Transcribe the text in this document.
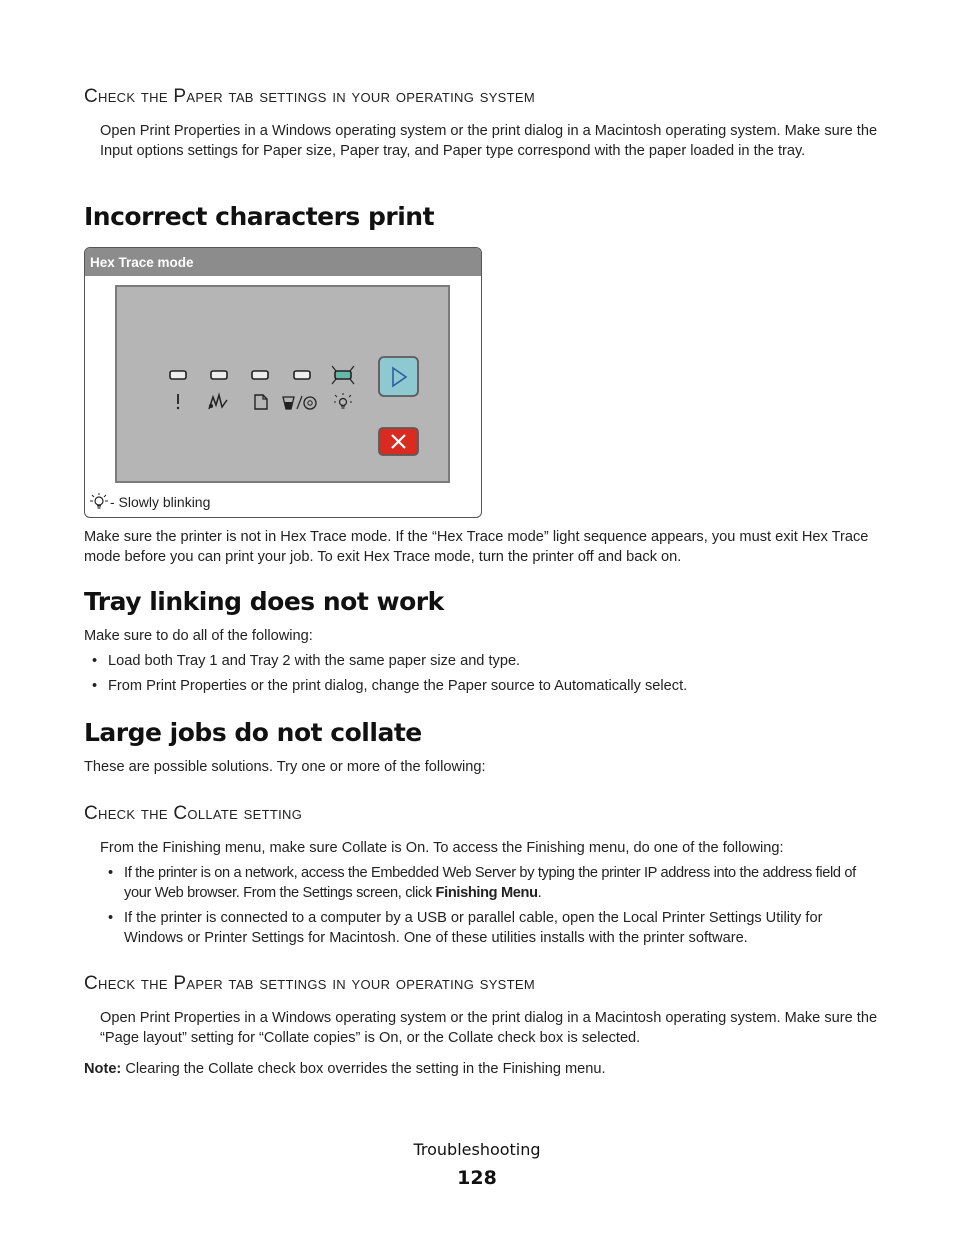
Check the Paper tab settings in your operating system
Open Print Properties in a Windows operating system or the print dialog in a Macintosh operating system. Make sure the Input options settings for Paper size, Paper tray, and Paper type correspond with the paper loaded in the tray.
Incorrect characters print
Hex Trace mode
- Slowly blinking
Make sure the printer is not in Hex Trace mode. If the “Hex Trace mode” light sequence appears, you must exit Hex Trace mode before you can print your job. To exit Hex Trace mode, turn the printer off and back on.
Tray linking does not work
Make sure to do all of the following:
• Load both Tray 1 and Tray 2 with the same paper size and type.
• From Print Properties or the print dialog, change the Paper source to Automatically select.
Large jobs do not collate
These are possible solutions. Try one or more of the following:
Check the Collate setting
From the Finishing menu, make sure Collate is On. To access the Finishing menu, do one of the following:
• If the printer is on a network, access the Embedded Web Server by typing the printer IP address into the address field of your Web browser. From the Settings screen, click Finishing Menu.
• If the printer is connected to a computer by a USB or parallel cable, open the Local Printer Settings Utility for Windows or Printer Settings for Macintosh. One of these utilities installs with the printer software.
Check the Paper tab settings in your operating system
Open Print Properties in a Windows operating system or the print dialog in a Macintosh operating system. Make sure the “Page layout” setting for “Collate copies” is On, or the Collate check box is selected.
Note: Clearing the Collate check box overrides the setting in the Finishing menu.
Troubleshooting
128
